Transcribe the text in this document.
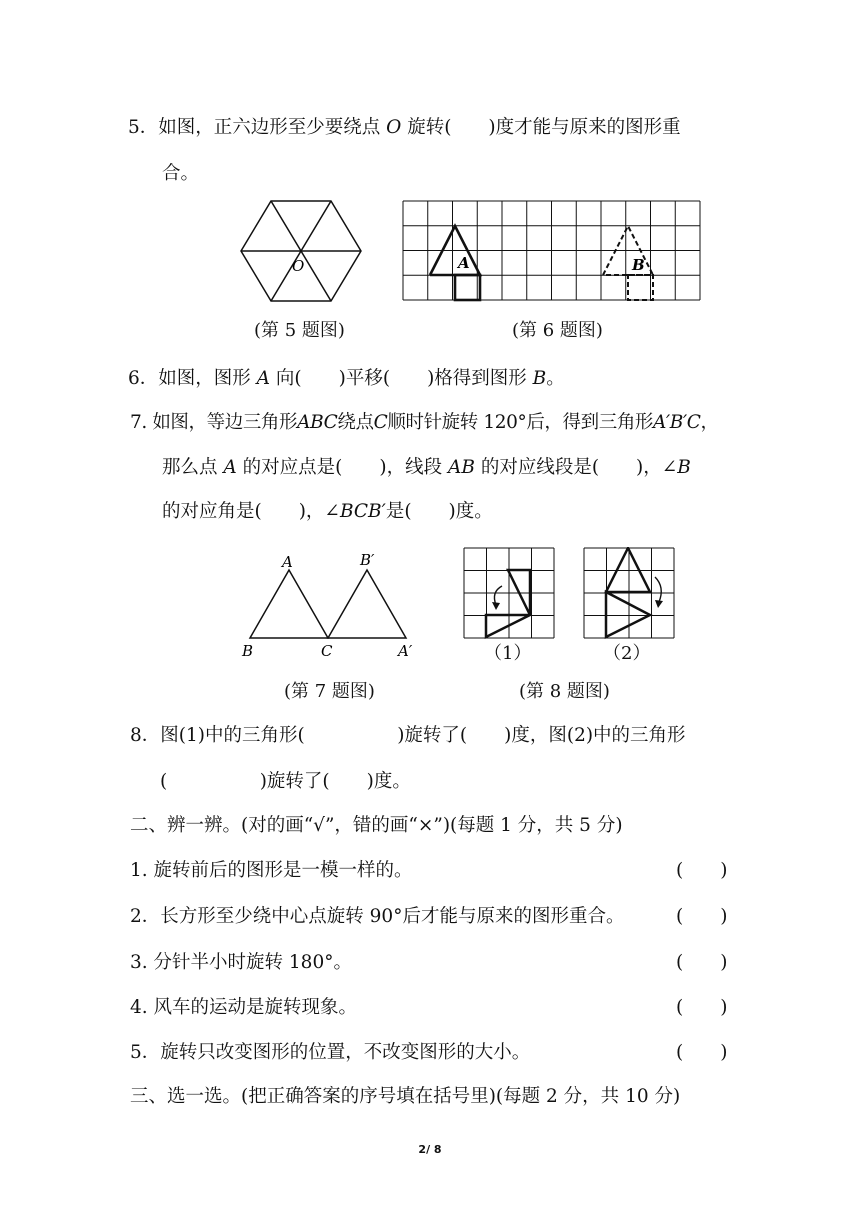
5．如图，正六边形至少要绕点 O 旋转(　　)度才能与原来的图形重
合。
O
(第 5 题图)
A	B
(第 6 题图)
6．如图，图形 A 向(　　)平移(　　)格得到图形 B。
7. 如图，等边三角形ABC绕点C顺时针旋转 120°后，得到三角形A′B′C，
那么点 A 的对应点是(　　)，线段 AB 的对应线段是(　　)，∠B
的对应角是(　　)，∠BCB′是(　　)度。
A
B	C
B′
A′
(第 7 题图)
（1）	（2）
(第 8 题图)
8．图(1)中的三角形(　　　　　)旋转了(　　)度，图(2)中的三角形
(　　　　　)旋转了(　　)度。
二、辨一辨。(对的画“√”，错的画“×”)(每题 1 分，共 5 分)
1. 旋转前后的图形是一模一样的。	(　　)
2．长方形至少绕中心点旋转 90°后才能与原来的图形重合。	(　　)
3. 分针半小时旋转 180°。	(　　)
4. 风车的运动是旋转现象。	(　　)
5．旋转只改变图形的位置，不改变图形的大小。	(　　)
三、选一选。(把正确答案的序号填在括号里)(每题 2 分，共 10 分)
2/ 8
